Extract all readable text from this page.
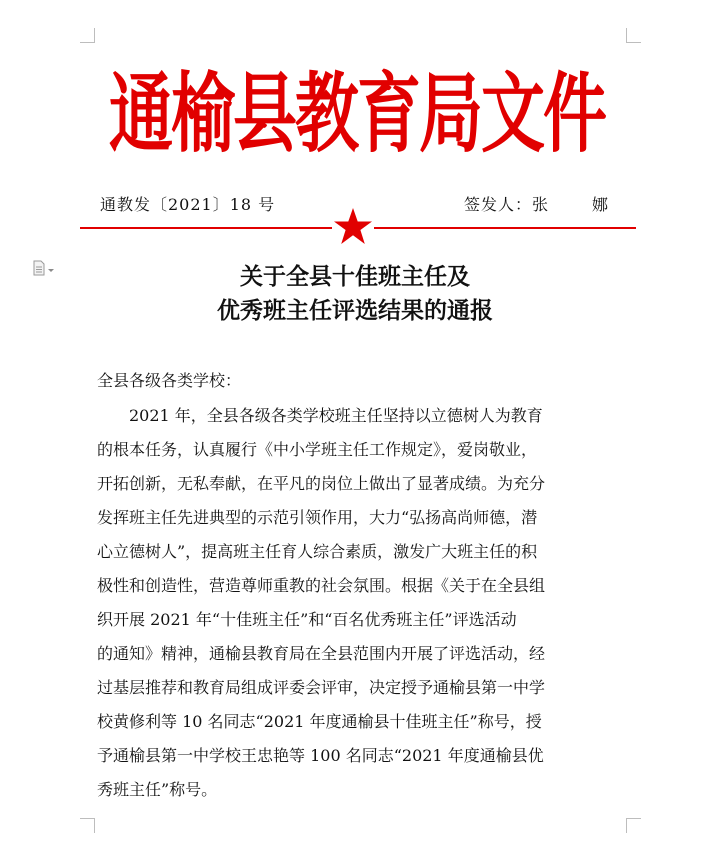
通榆县教育局文件
通教发〔2021〕18 号	签发人：张　娜
关于全县十佳班主任及
优秀班主任评选结果的通报
全县各级各类学校：
　　2021 年，全县各级各类学校班主任坚持以立德树人为教育
的根本任务，认真履行《中小学班主任工作规定》，爱岗敬业，
开拓创新，无私奉献，在平凡的岗位上做出了显著成绩。为充分
发挥班主任先进典型的示范引领作用，大力“弘扬高尚师德，潜
心立德树人”，提高班主任育人综合素质，激发广大班主任的积
极性和创造性，营造尊师重教的社会氛围。根据《关于在全县组
织开展 2021 年“十佳班主任”和“百名优秀班主任”评选活动
的通知》精神，通榆县教育局在全县范围内开展了评选活动，经
过基层推荐和教育局组成评委会评审，决定授予通榆县第一中学
校黄修利等 10 名同志“2021 年度通榆县十佳班主任”称号，授
予通榆县第一中学校王忠艳等 100 名同志“2021 年度通榆县优
秀班主任”称号。
